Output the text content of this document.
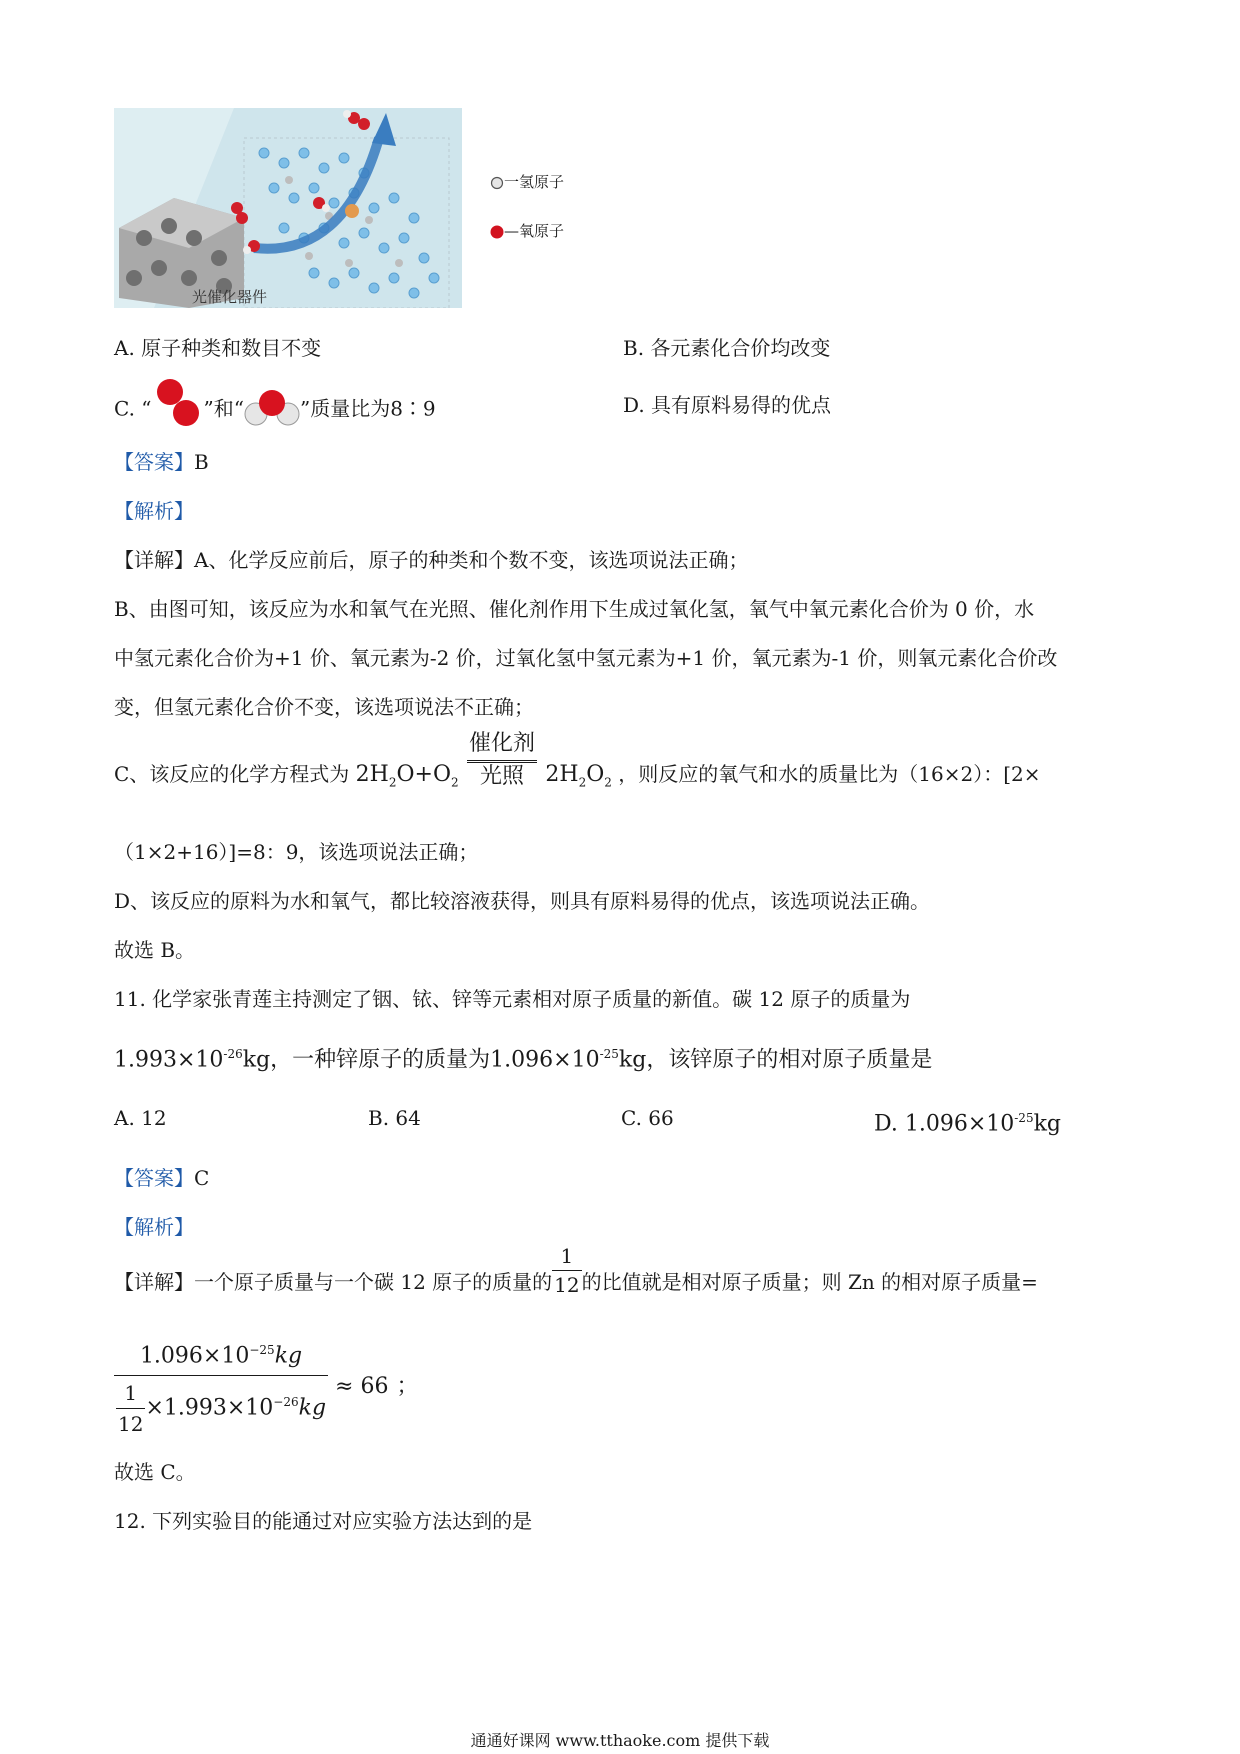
光催化器件
一氢原子
—氧原子
A. 原子种类和数目不变	B. 各元素化合价均改变
C. “	”和“	”质量比为8∶9	D. 具有原料易得的优点
【答案】B
【解析】
【详解】A、化学反应前后，原子的种类和个数不变，该选项说法正确；
B、由图可知，该反应为水和氧气在光照、催化剂作用下生成过氧化氢，氧气中氧元素化合价为 0 价，水
中氢元素化合价为+1 价、氧元素为-2 价，过氧化氢中氢元素为+1 价，氧元素为-1 价，则氧元素化合价改
变，但氢元素化合价不变，该选项说法不正确；
C、该反应的化学方程式为 $2H_2O+O_2 \frac{\text{催化剂}}{\text{光照}} 2H_2O_2$ ，则反应的氧气和水的质量比为（16×2）：[2×
（1×2+16）]=8：9，该选项说法正确；
D、该反应的原料为水和氧气，都比较溶液获得，则具有原料易得的优点，该选项说法正确。
故选 B。
11. 化学家张青莲主持测定了铟、铱、锌等元素相对原子质量的新值。碳 12 原子的质量为
$1.993\times 10^{-26}kg$，一种锌原子的质量为$1.096\times 10^{-25}kg$，该锌原子的相对原子质量是
A. 12	B. 64	C. 66	D. $1.096\times 10^{-25}kg$
【答案】C
【解析】
【详解】一个原子质量与一个碳 12 原子的质量的 $\frac{1}{12}$ 的比值就是相对原子质量；则 Zn 的相对原子质量=
$\frac{1.096\times 10^{-25}kg}{\frac{1}{12} \times 1.993\times 10^{-26}kg} \approx 66$ ；
故选 C。
12. 下列实验目的能通过对应实验方法达到的是
通通好课网 www.tthaoke.com 提供下载
